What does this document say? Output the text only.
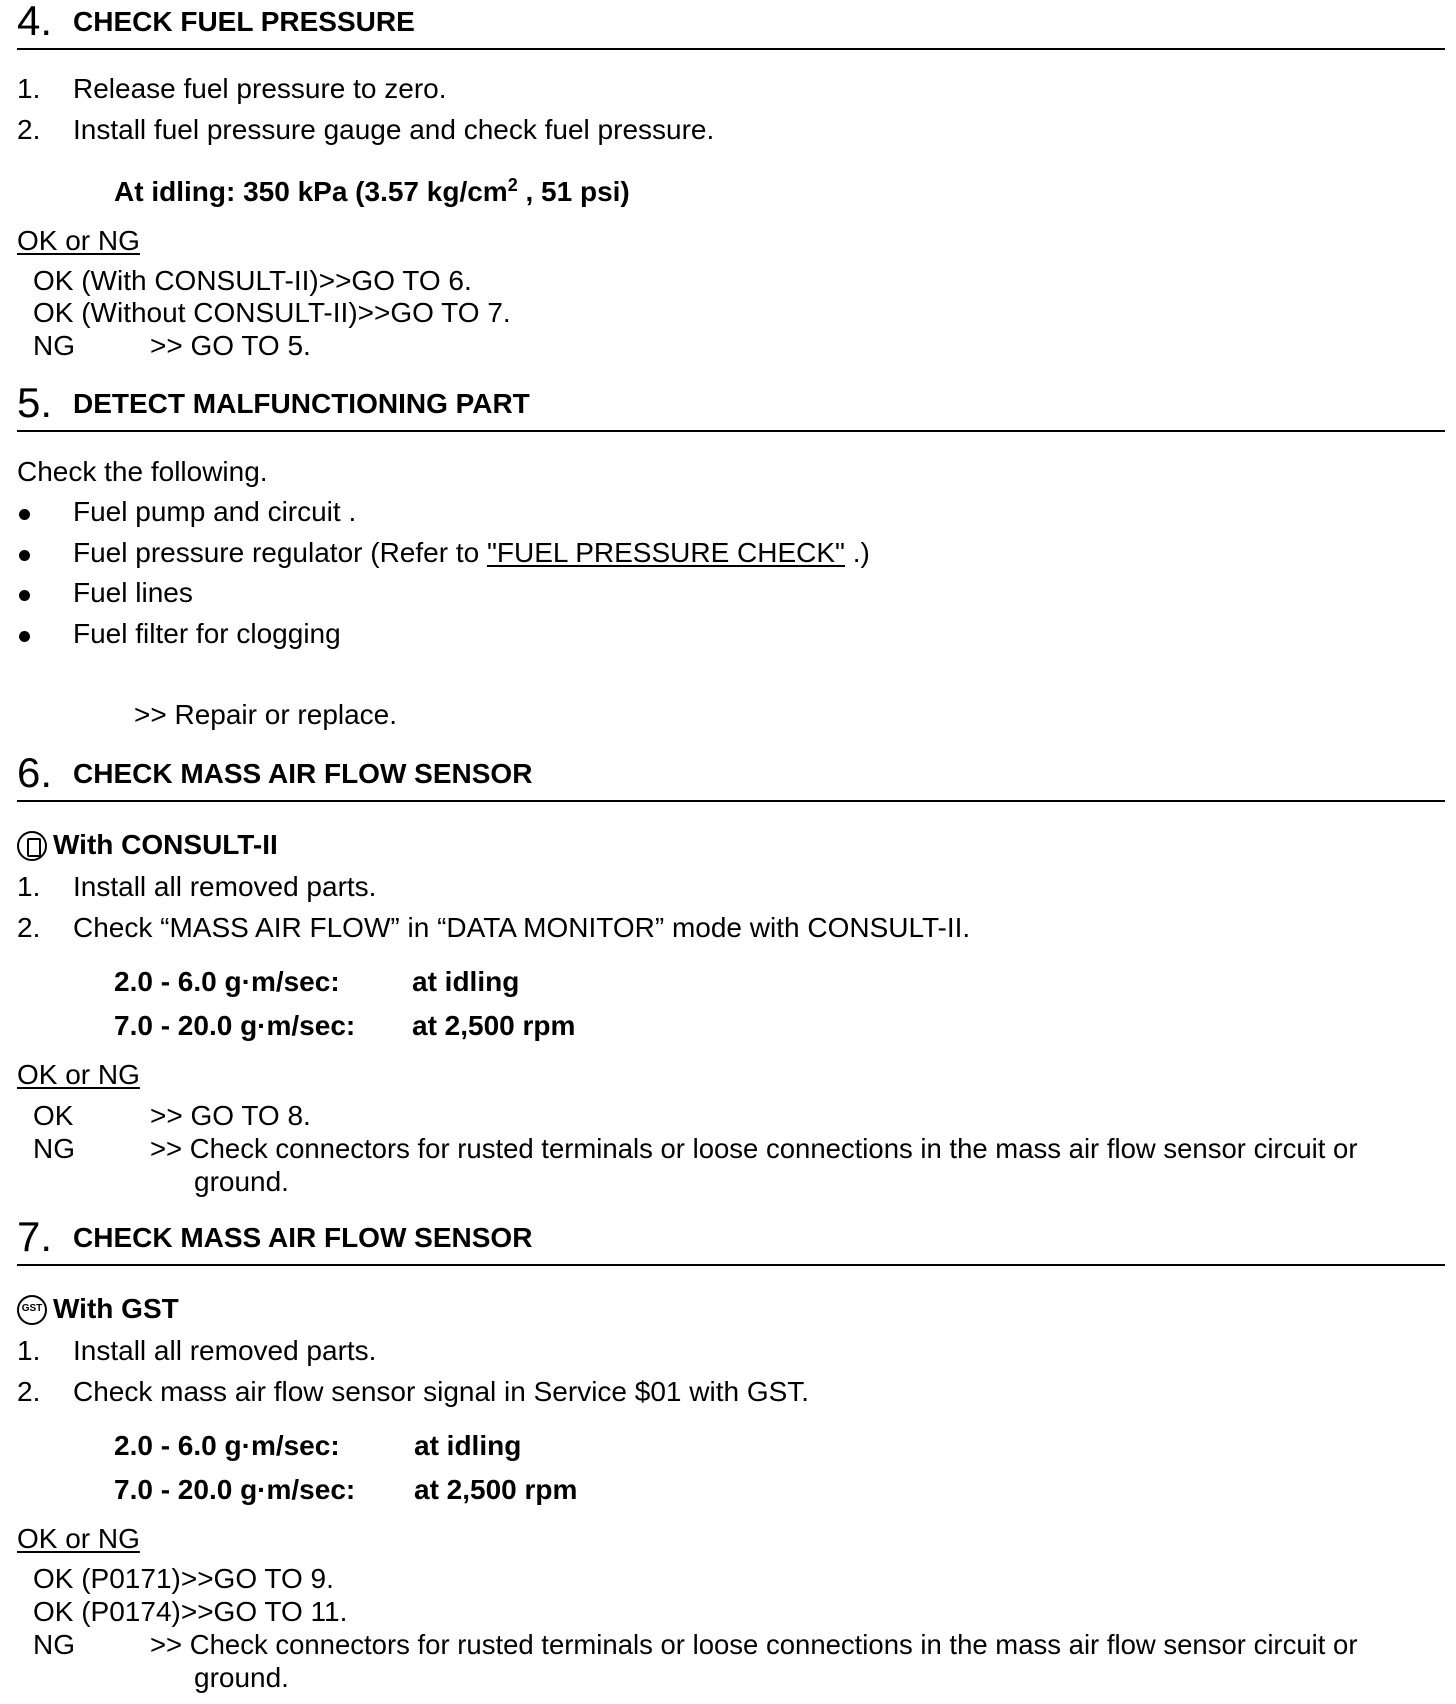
4. CHECK FUEL PRESSURE
1. Release fuel pressure to zero.
2. Install fuel pressure gauge and check fuel pressure.
At idling: 350 kPa (3.57 $kg/cm^2$ , 51 psi)
OK or NG
OK (With CONSULT-II)>>GO TO 6.
OK (Without CONSULT-II)>>GO TO 7.
NG	>> GO TO 5.
5. DETECT MALFUNCTIONING PART
Check the following.
Fuel pump and circuit .
Fuel pressure regulator (Refer to "FUEL PRESSURE CHECK" .)
Fuel lines
Fuel filter for clogging
>> Repair or replace.
6. CHECK MASS AIR FLOW SENSOR
With CONSULT-II
1. Install all removed parts.
2. Check “MASS AIR FLOW” in “DATA MONITOR” mode with CONSULT-II.
2.0 - 6.0 g·m/sec:	at idling
7.0 - 20.0 g·m/sec: at 2,500 rpm
OK or NG
OK	>> GO TO 8.
NG	>> Check connectors for rusted terminals or loose connections in the mass air flow sensor circuit or
ground.
7. CHECK MASS AIR FLOW SENSOR
GST With GST
1. Install all removed parts.
2. Check mass air flow sensor signal in Service $01 with GST.
2.0 - 6.0 g·m/sec:	at idling
7.0 - 20.0 g·m/sec: at 2,500 rpm
OK or NG
OK (P0171)>>GO TO 9.
OK (P0174)>>GO TO 11.
NG	>> Check connectors for rusted terminals or loose connections in the mass air flow sensor circuit or
ground.
